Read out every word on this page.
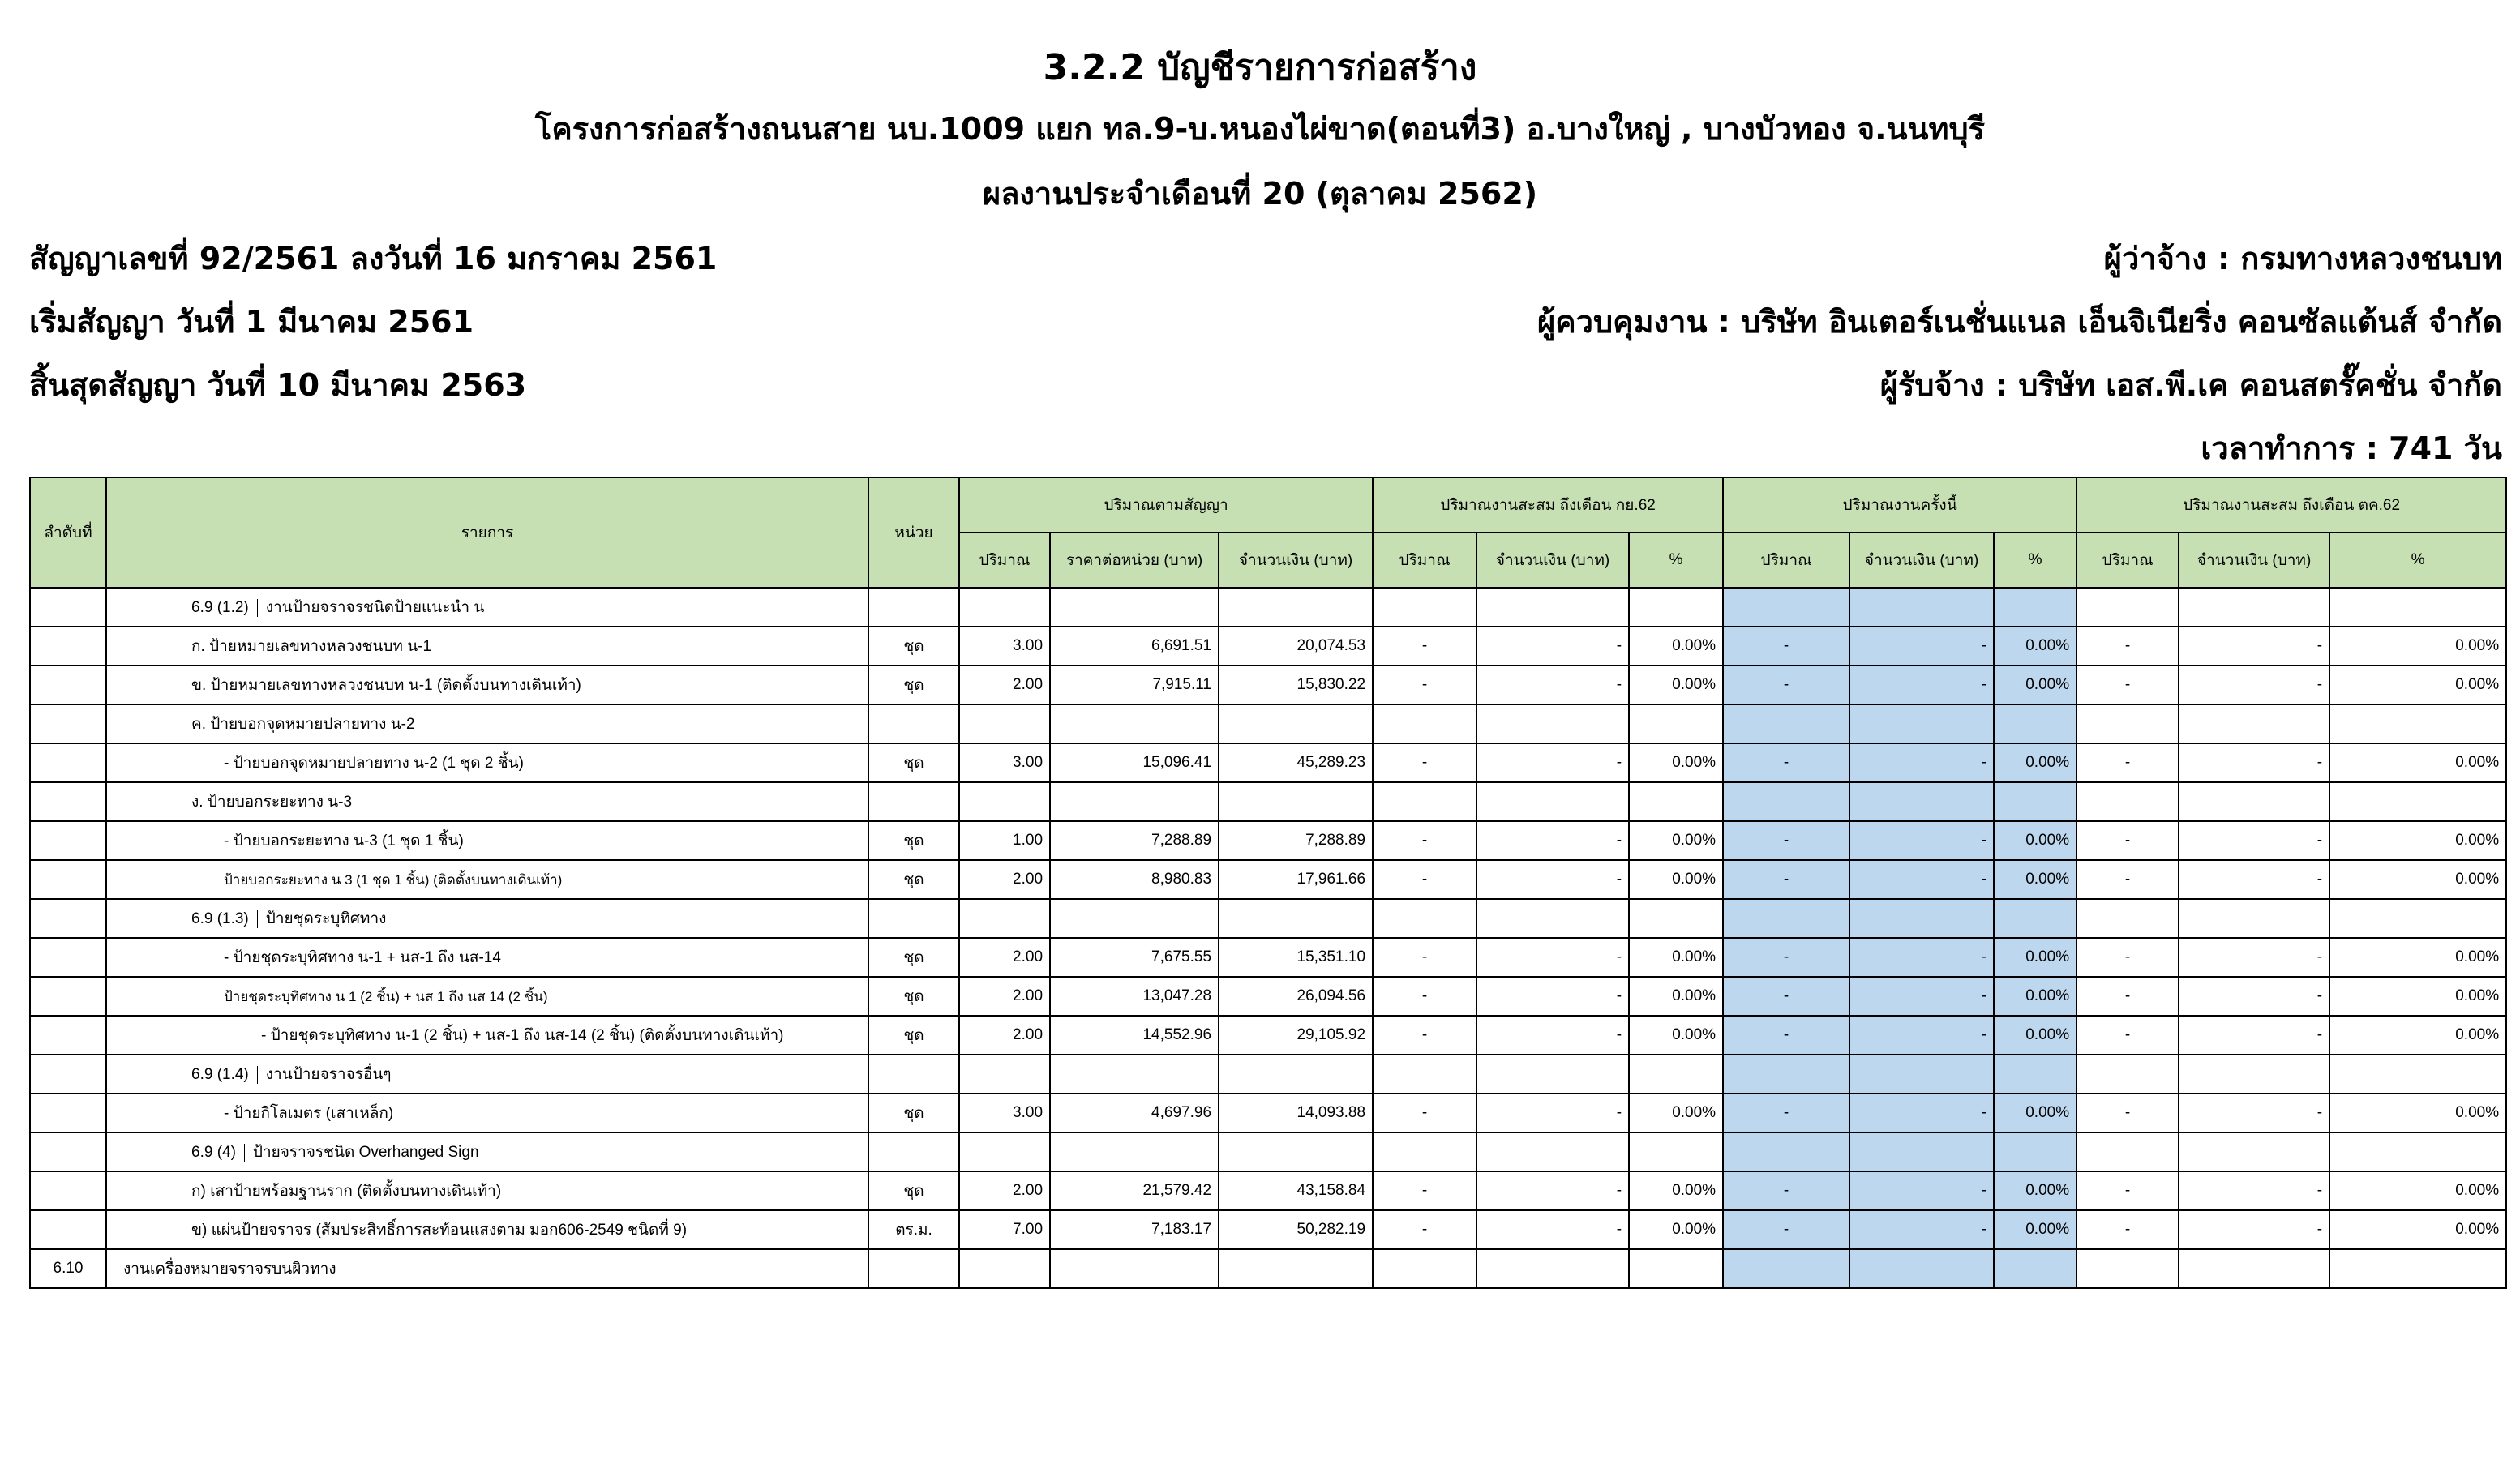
3.2.2 บัญชีรายการก่อสร้าง
โครงการก่อสร้างถนนสาย นบ.1009 แยก ทล.9-บ.หนองไผ่ขาด(ตอนที่3) อ.บางใหญ่ , บางบัวทอง จ.นนทบุรี
ผลงานประจำเดือนที่ 20 (ตุลาคม 2562)
สัญญาเลขที่ 92/2561 ลงวันที่ 16 มกราคม 2561
เริ่มสัญญา วันที่ 1 มีนาคม 2561
สิ้นสุดสัญญา วันที่ 10 มีนาคม 2563
ผู้ว่าจ้าง : กรมทางหลวงชนบท
ผู้ควบคุมงาน : บริษัท อินเตอร์เนชั่นแนล เอ็นจิเนียริ่ง คอนซัลแต้นส์ จำกัด
ผู้รับจ้าง : บริษัท เอส.พี.เค คอนสตรั๊คชั่น จำกัด
เวลาทำการ : 741 วัน
ลำดับที่	รายการ	หน่วย	ปริมาณตามสัญญา			ปริมาณงานสะสม ถึงเดือน กย.62			ปริมาณงานครั้งนี้			ปริมาณงานสะสม ถึงเดือน ตค.62		
			ปริมาณ	ราคาต่อหน่วย (บาท)	จำนวนเงิน (บาท)	ปริมาณ	จำนวนเงิน (บาท)	%	ปริมาณ	จำนวนเงิน (บาท)	%	ปริมาณ	จำนวนเงิน (บาท)	%
	6.9 (1.2) งานป้ายจราจรชนิดป้ายแนะนำ น													
	ก. ป้ายหมายเลขทางหลวงชนบท น-1	ชุด	3.00	6,691.51	20,074.53	-	-	0.00%	-	-	0.00%	-	-	0.00%
	ข. ป้ายหมายเลขทางหลวงชนบท น-1 (ติดตั้งบนทางเดินเท้า)	ชุด	2.00	7,915.11	15,830.22	-	-	0.00%	-	-	0.00%	-	-	0.00%
	ค. ป้ายบอกจุดหมายปลายทาง น-2													
	- ป้ายบอกจุดหมายปลายทาง น-2 (1 ชุด 2 ชิ้น)	ชุด	3.00	15,096.41	45,289.23	-	-	0.00%	-	-	0.00%	-	-	0.00%
	ง. ป้ายบอกระยะทาง น-3													
	- ป้ายบอกระยะทาง น-3 (1 ชุด 1 ชิ้น)	ชุด	1.00	7,288.89	7,288.89	-	-	0.00%	-	-	0.00%	-	-	0.00%
	ป้ายบอกระยะทาง น 3 (1 ชุด 1 ชิ้น) (ติดตั้งบนทางเดินเท้า)	ชุด	2.00	8,980.83	17,961.66	-	-	0.00%	-	-	0.00%	-	-	0.00%
	6.9 (1.3) ป้ายชุดระบุทิศทาง													
	- ป้ายชุดระบุทิศทาง น-1 + นส-1 ถึง นส-14	ชุด	2.00	7,675.55	15,351.10	-	-	0.00%	-	-	0.00%	-	-	0.00%
	ป้ายชุดระบุทิศทาง น 1 (2 ชิ้น) + นส 1 ถึง นส 14 (2 ชิ้น)	ชุด	2.00	13,047.28	26,094.56	-	-	0.00%	-	-	0.00%	-	-	0.00%
	- ป้ายชุดระบุทิศทาง น-1 (2 ชิ้น) + นส-1 ถึง นส-14 (2 ชิ้น) (ติดตั้งบนทางเดินเท้า)	ชุด	2.00	14,552.96	29,105.92	-	-	0.00%	-	-	0.00%	-	-	0.00%
	6.9 (1.4) งานป้ายจราจรอื่นๆ													
	- ป้ายกิโลเมตร (เสาเหล็ก)	ชุด	3.00	4,697.96	14,093.88	-	-	0.00%	-	-	0.00%	-	-	0.00%
	6.9 (4) ป้ายจราจรชนิด Overhanged Sign													
	ก) เสาป้ายพร้อมฐานราก (ติดตั้งบนทางเดินเท้า)	ชุด	2.00	21,579.42	43,158.84	-	-	0.00%	-	-	0.00%	-	-	0.00%
	ข) แผ่นป้ายจราจร (สัมประสิทธิ์การสะท้อนแสงตาม มอก606-2549 ชนิดที่ 9)	ตร.ม.	7.00	7,183.17	50,282.19	-	-	0.00%	-	-	0.00%	-	-	0.00%
6.10	งานเครื่องหมายจราจรบนผิวทาง													
